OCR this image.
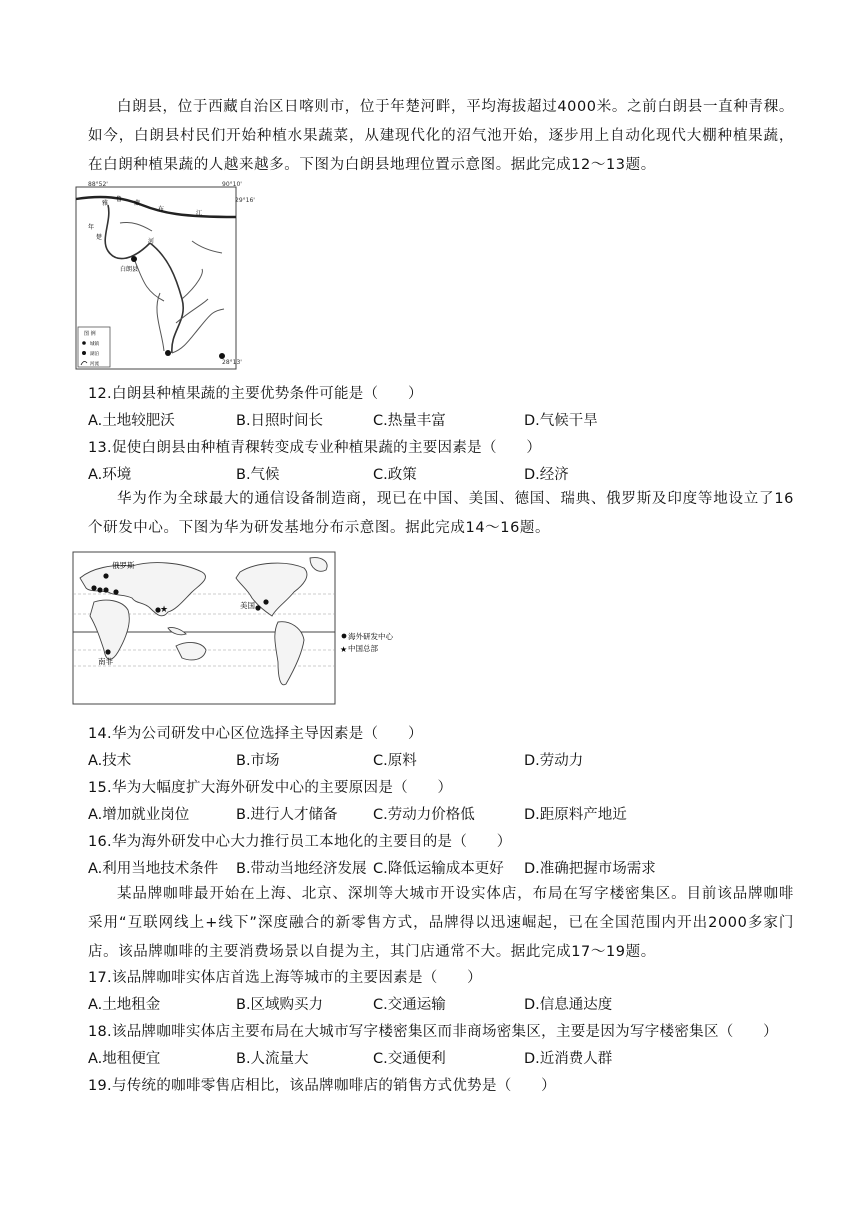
白朗县，位于西藏自治区日喀则市，位于年楚河畔，平均海拔超过4000米。之前白朗县一直种青稞。如今，白朗县村民们开始种植水果蔬菜，从建现代化的沼气池开始，逐步用上自动化现代大棚种植果蔬，在白朗种植果蔬的人越来越多。下图为白朗县地理位置示意图。据此完成12～13题。

88°52'	90°10'
29°16'
28°13'
雅
鲁
藏
布
江
年
楚
河
白朗县
图 例
城镇
湖泊
河流

12.白朗县种植果蔬的主要优势条件可能是（　　）

A.土地较肥沃	B.日照时间长	C.热量丰富	D.气候干旱

13.促使白朗县由种植青稞转变成专业种植果蔬的主要因素是（　　）

A.环境	B.气候	C.政策	D.经济

华为作为全球最大的通信设备制造商，现已在中国、美国、德国、瑞典、俄罗斯及印度等地设立了16个研发中心。下图为华为研发基地分布示意图。据此完成14～16题。

★
俄罗斯
美国
南非
海外研发中心
★ 中国总部

14.华为公司研发中心区位选择主导因素是（　　）

A.技术	B.市场	C.原料	D.劳动力

15.华为大幅度扩大海外研发中心的主要原因是（　　）

A.增加就业岗位	B.进行人才储备 C.劳动力价格低	D.距原料产地近

16.华为海外研发中心大力推行员工本地化的主要目的是（　　）

A.利用当地技术条件 B.带动当地经济发展 C.降低运输成本更好 D.准确把握市场需求

某品牌咖啡最开始在上海、北京、深圳等大城市开设实体店，布局在写字楼密集区。目前该品牌咖啡采用“互联网线上+线下”深度融合的新零售方式，品牌得以迅速崛起，已在全国范围内开出2000多家门店。该品牌咖啡的主要消费场景以自提为主，其门店通常不大。据此完成17～19题。

17.该品牌咖啡实体店首选上海等城市的主要因素是（　　）

A.土地租金	B.区域购买力	C.交通运输	D.信息通达度

18.该品牌咖啡实体店主要布局在大城市写字楼密集区而非商场密集区，主要是因为写字楼密集区（　　）

A.地租便宜	B.人流量大	C.交通便利	D.近消费人群

19.与传统的咖啡零售店相比，该品牌咖啡店的销售方式优势是（　　）
